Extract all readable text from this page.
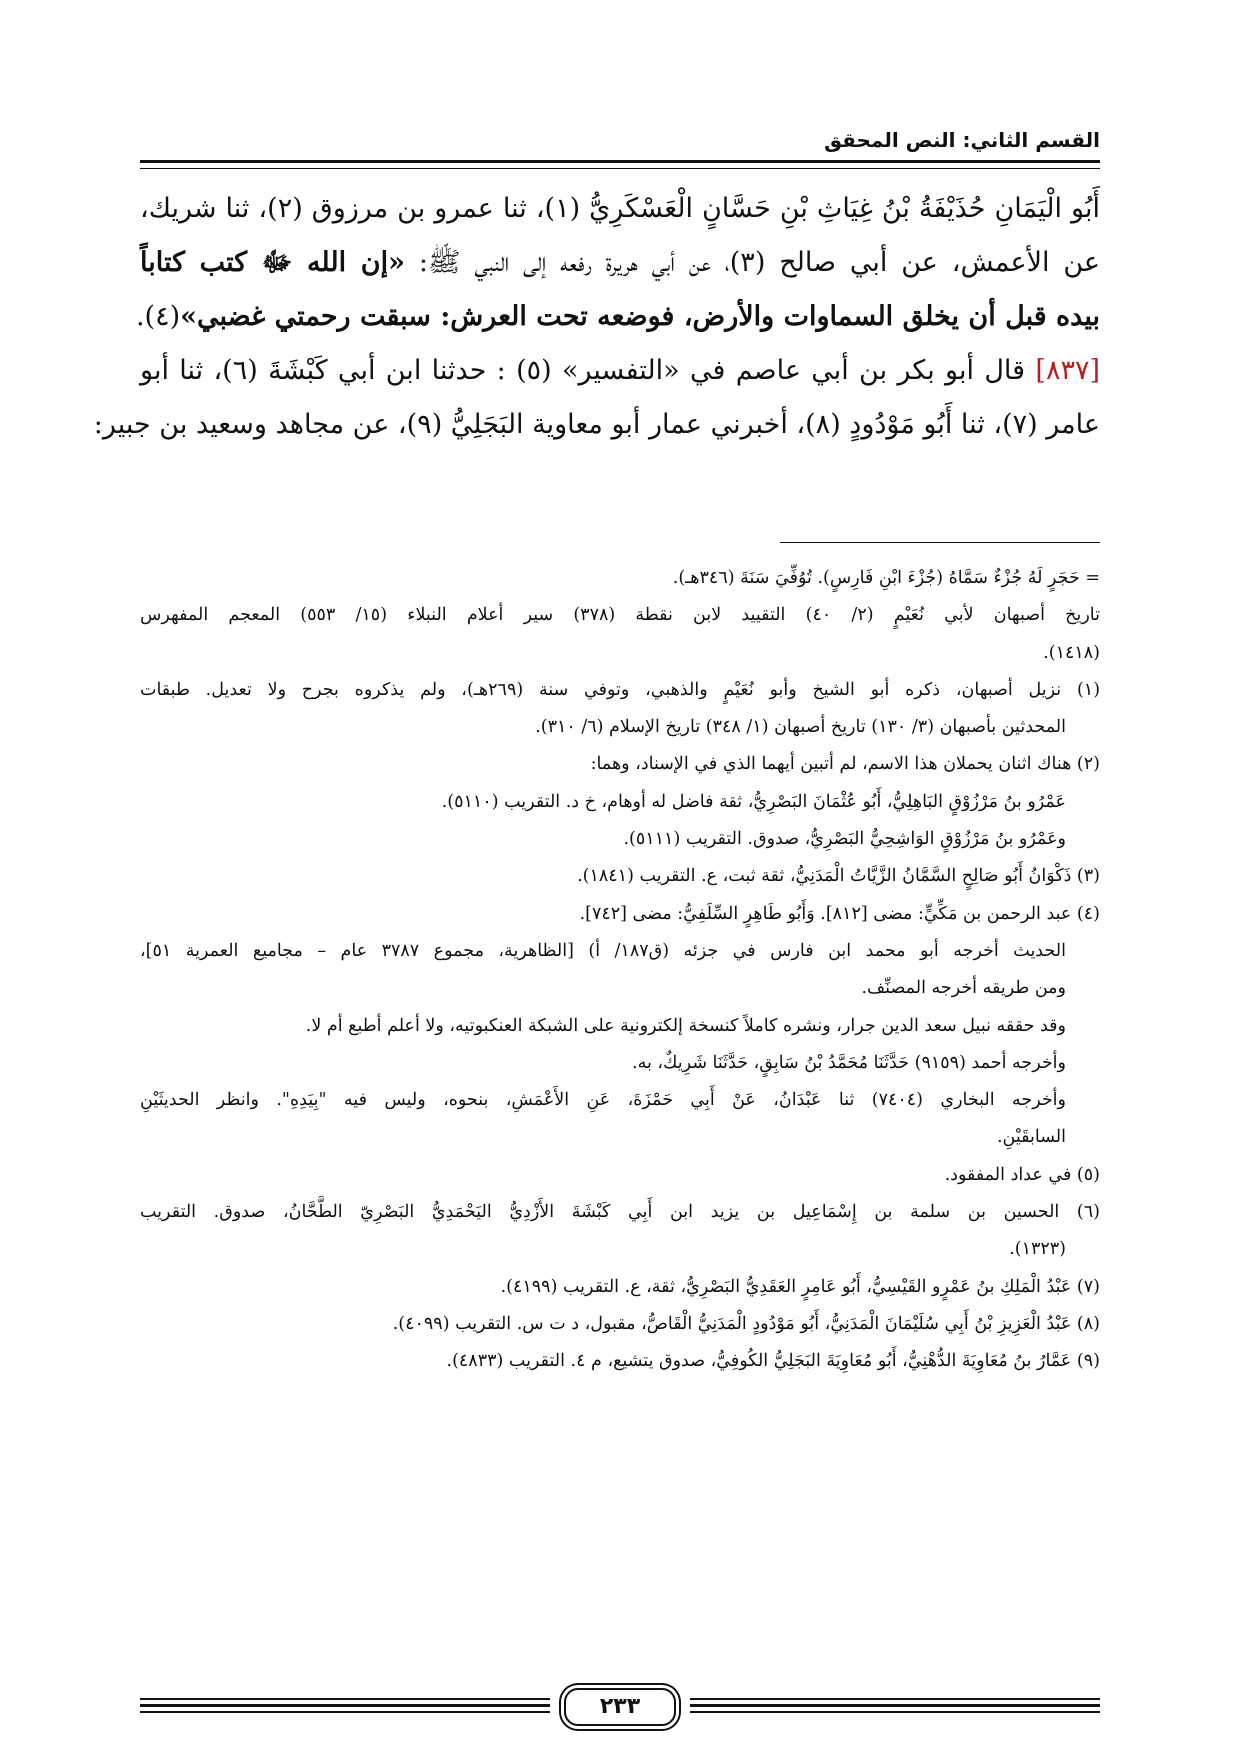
القسم الثاني: النص المحقق
أَبُو الْيَمَانِ حُذَيْفَةُ بْنُ غِيَاثِ بْنِ حَسَّانٍ الْعَسْكَرِيُّ (١)، ثنا عمرو بن مرزوق (٢)، ثنا شريك،
عن الأعمش، عن أبي صالح (٣)، عن أبي هريرة رفعه إلى النبي ﷺ: «إن الله ﷻ كتب كتاباً
بيده قبل أن يخلق السماوات والأرض، فوضعه تحت العرش: سبقت رحمتي غضبي»(٤).
[٨٣٧] قال أبو بكر بن أبي عاصم في «التفسير» (٥) : حدثنا ابن أبي كَبْشَةَ (٦)، ثنا أبو
عامر (٧)، ثنا أَبُو مَوْدُودٍ (٨)، أخبرني عمار أبو معاوية البَجَلِيُّ (٩)، عن مجاهد وسعيد بن جبير:
= حَجَرٍ لَهُ جُزْءٌ سَمَّاهُ (جُزْءَ ابْنِ فَارِسٍ). تُوُفِّيَ سَنَةَ (٣٤٦هـ).
تاريخ أصبهان لأبي نُعَيْمٍ (٢/ ٤٠) التقييد لابن نقطة (٣٧٨) سير أعلام النبلاء (١٥/ ٥٥٣) المعجم المفهرس
(١٤١٨).
(١) نزيل أصبهان، ذكره أبو الشيخ وأبو نُعَيْمٍ والذهبي، وتوفي سنة (٢٦٩هـ)، ولم يذكروه بجرح ولا تعديل. طبقات
المحدثين بأصبهان (٣/ ١٣٠) تاريخ أصبهان (١/ ٣٤٨) تاريخ الإسلام (٦/ ٣١٠).
(٢) هناك اثنان يحملان هذا الاسم، لم أتبين أيهما الذي في الإسناد، وهما:
عَمْرُو بنُ مَرْزُوْقٍ البَاهِلِيُّ، أَبُو عُثْمَانَ البَصْرِيُّ، ثقة فاضل له أوهام، خ د. التقريب (٥١١٠).
وعَمْرُو بنُ مَرْزُوْقٍ الوَاشِحِيُّ البَصْرِيُّ، صدوق. التقريب (٥١١١).
(٣) ذَكْوَانُ أَبُو صَالِحٍ السَّمَّانُ الزَّيَّاتُ الْمَدَنِيُّ، ثقة ثبت، ع. التقريب (١٨٤١).
(٤) عبد الرحمن بن مَكِّيٍّ: مضى [٨١٢]. وَأَبُو طَاهِرٍ السِّلَفِيُّ: مضى [٧٤٢].
الحديث أخرجه أبو محمد ابن فارس في جزئه (ق١٨٧/ أ) [الظاهرية، مجموع ٣٧٨٧ عام – مجاميع العمرية ٥١]،
ومن طريقه أخرجه المصنِّف.
وقد حققه نبيل سعد الدين جرار، ونشره كاملاً كنسخة إلكترونية على الشبكة العنكبوتيه، ولا أعلم أطبع أم لا.
وأخرجه أحمد (٩١٥٩) حَدَّثَنَا مُحَمَّدُ بْنُ سَابِقٍ، حَدَّثَنَا شَرِيكٌ، به.
وأخرجه البخاري (٧٤٠٤) ثنا عَبْدَانُ، عَنْ أَبِي حَمْزَةَ، عَنِ الأَعْمَشِ، بنحوه، وليس فيه "بِيَدِهِ". وانظر الحديثَيْنِ
السابقَيْنِ.
(٥) في عداد المفقود.
(٦) الحسين بن سلمة بن إِسْمَاعِيل بن يزيد ابن أَبِي كَبْشَةَ الأَزْدِيُّ اليَحْمَدِيُّ البَصْرِيّ الطَّحَّانُ، صدوق. التقريب
(١٣٢٣).
(٧) عَبْدُ الْمَلِكِ بنُ عَمْرٍو القَيْسِيُّ، أَبُو عَامِرٍ العَقَدِيُّ البَصْرِيُّ، ثقة، ع. التقريب (٤١٩٩).
(٨) عَبْدُ الْعَزِيزِ بْنُ أَبِي سُلَيْمَانَ الْمَدَنِيُّ، أَبُو مَوْدُودٍ الْمَدَنِيُّ الْقَاصُّ، مقبول، د ت س. التقريب (٤٠٩٩).
(٩) عَمَّارُ بنُ مُعَاوِيَةَ الدُّهْنِيُّ، أَبُو مُعَاوِيَةَ البَجَلِيُّ الكُوفِيُّ، صدوق يتشيع، م ٤. التقريب (٤٨٣٣).
٢٣٣
